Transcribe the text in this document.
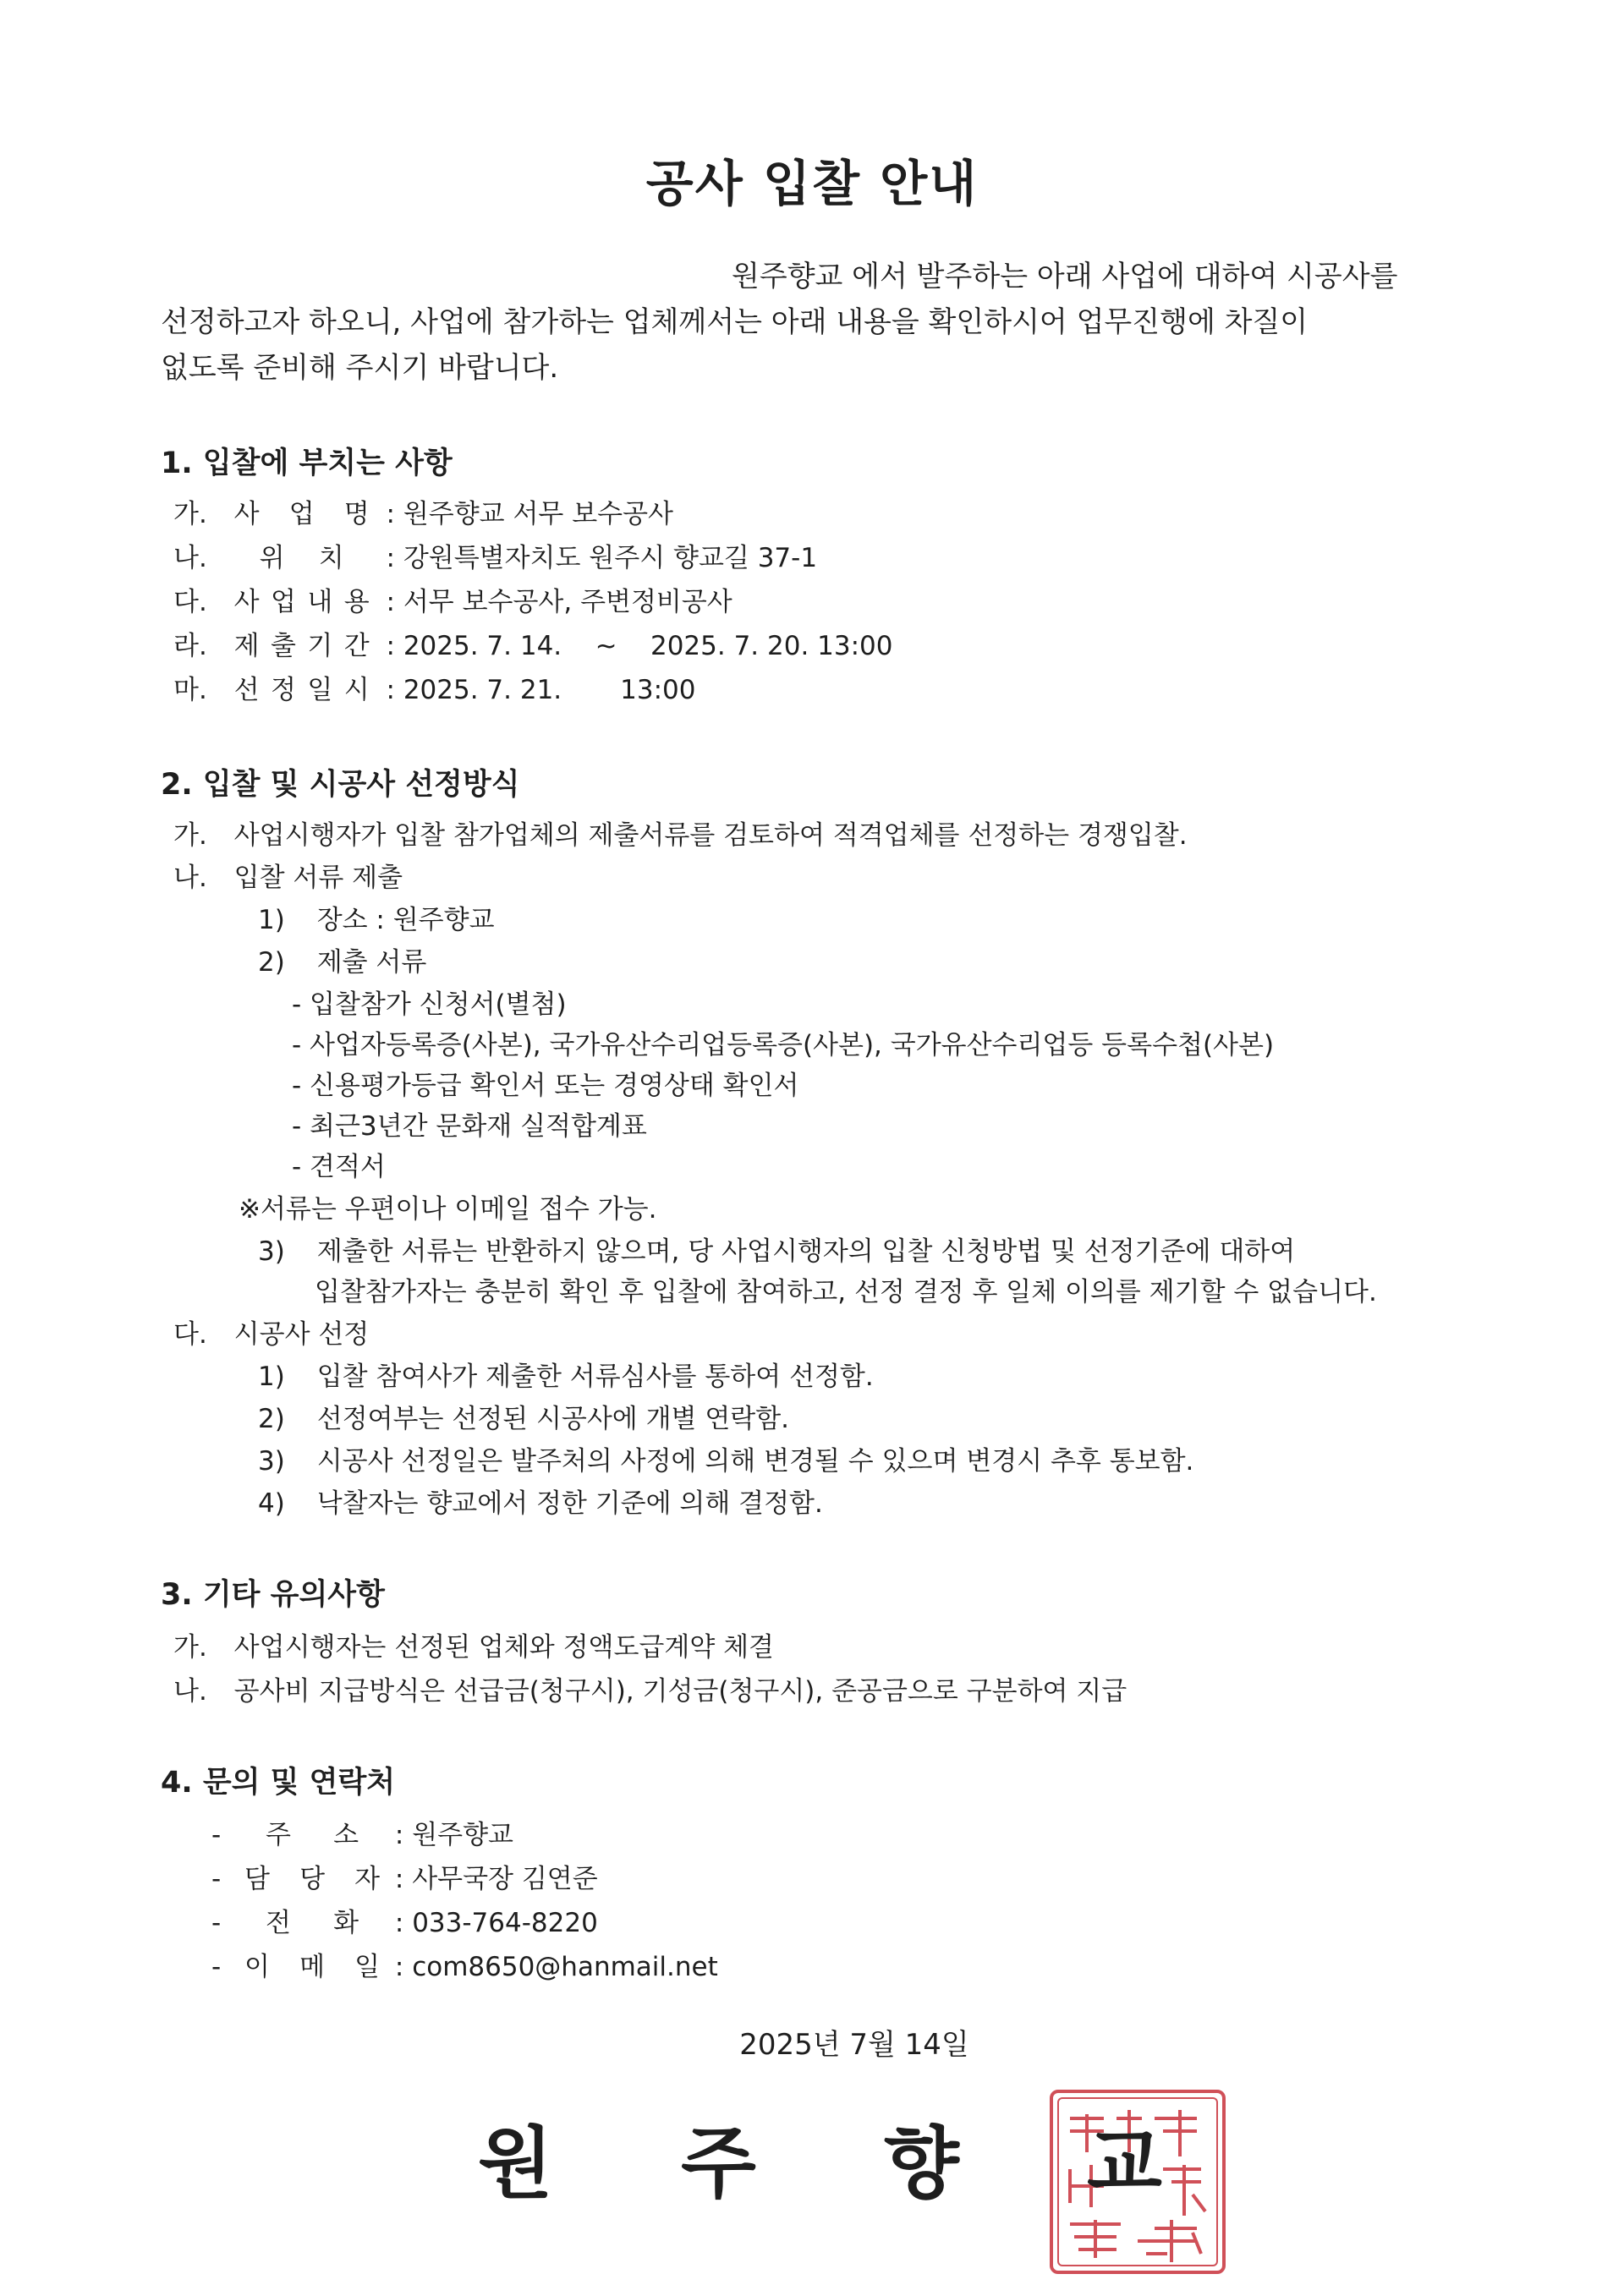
공사 입찰 안내
원주향교 에서 발주하는 아래 사업에 대하여 시공사를
선정하고자 하오니, 사업에 참가하는 업체께서는 아래 내용을 확인하시어 업무진행에 차질이
없도록 준비해 주시기 바랍니다.
1. 입찰에 부치는 사항
가. 사 업 명 : 원주향교 서무 보수공사
나. 위 치 : 강원특별자치도 원주시 향교길 37-1
다. 사 업 내 용 : 서무 보수공사, 주변정비공사
라. 제 출 기 간 : 2025. 7. 14.    ~    2025. 7. 20. 13:00
마. 선 정 일 시 : 2025. 7. 21.       13:00
2. 입찰 및 시공사 선정방식
가. 사업시행자가 입찰 참가업체의 제출서류를 검토하여 적격업체를 선정하는 경쟁입찰.
나. 입찰 서류 제출
1) 장소 : 원주향교
2) 제출 서류
- 입찰참가 신청서(별첨)
- 사업자등록증(사본), 국가유산수리업등록증(사본), 국가유산수리업등 등록수첩(사본)
- 신용평가등급 확인서 또는 경영상태 확인서
- 최근3년간 문화재 실적합계표
- 견적서
※서류는 우편이나 이메일 접수 가능.
3) 제출한 서류는 반환하지 않으며, 당 사업시행자의 입찰 신청방법 및 선정기준에 대하여
입찰참가자는 충분히 확인 후 입찰에 참여하고, 선정 결정 후 일체 이의를 제기할 수 없습니다.
다. 시공사 선정
1) 입찰 참여사가 제출한 서류심사를 통하여 선정함.
2) 선정여부는 선정된 시공사에 개별 연락함.
3) 시공사 선정일은 발주처의 사정에 의해 변경될 수 있으며 변경시 추후 통보함.
4) 낙찰자는 향교에서 정한 기준에 의해 결정함.
3. 기타 유의사항
가. 사업시행자는 선정된 업체와 정액도급계약 체결
나. 공사비 지급방식은 선급금(청구시), 기성금(청구시), 준공금으로 구분하여 지급
4. 문의 및 연락처
- 주 소 : 원주향교
- 담 당 자 : 사무국장 김연준
- 전 화 : 033-764-8220
- 이 메 일 : com8650@hanmail.net
2025년 7월 14일
원 주 향 교
